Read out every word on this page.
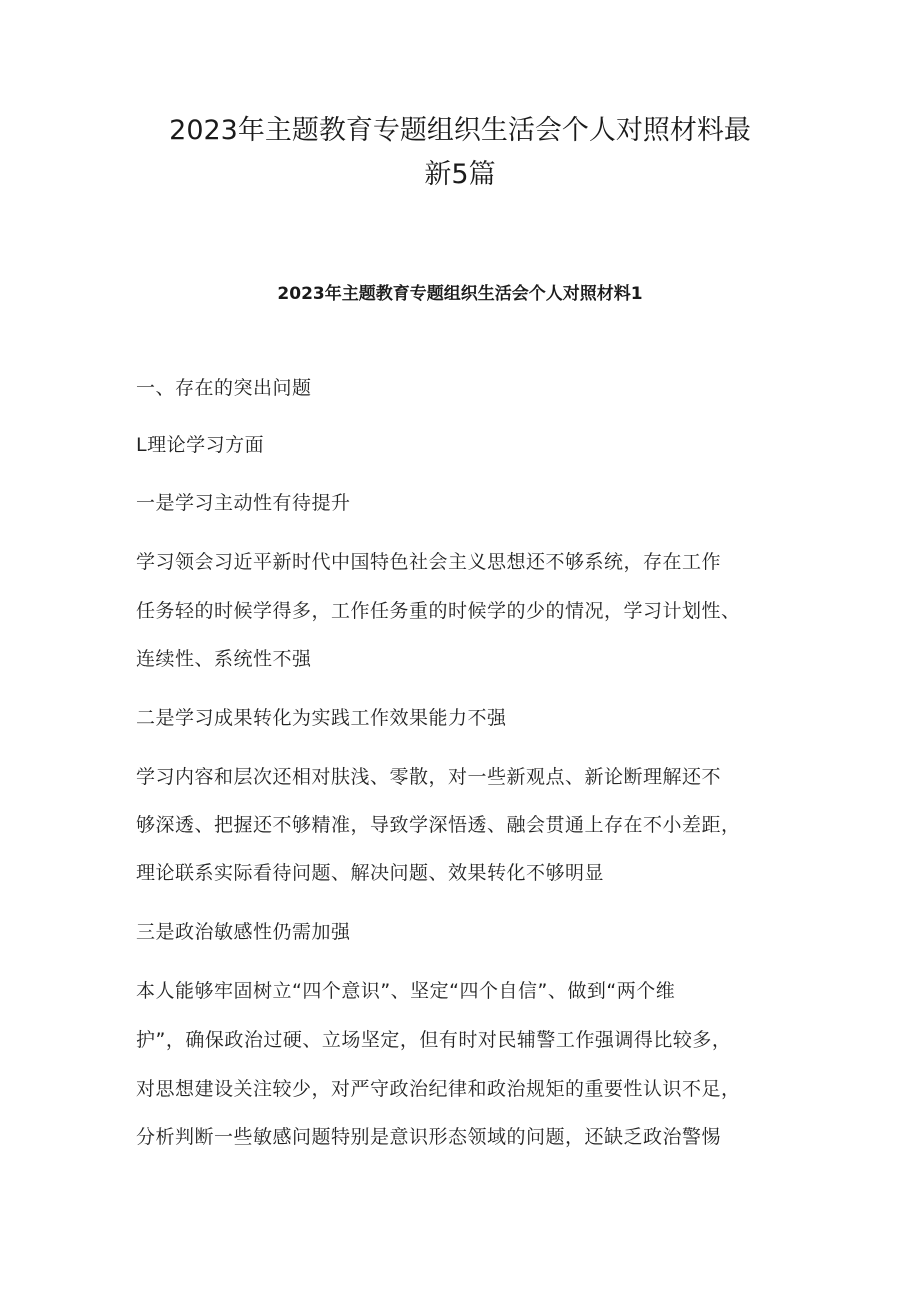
2023年主题教育专题组织生活会个人对照材料最
新5篇
2023年主题教育专题组织生活会个人对照材料1

一、存在的突出问题

L理论学习方面

一是学习主动性有待提升

学习领会习近平新时代中国特色社会主义思想还不够系统，存在工作

任务轻的时候学得多，工作任务重的时候学的少的情况，学习计划性、

连续性、系统性不强

二是学习成果转化为实践工作效果能力不强

学习内容和层次还相对肤浅、零散，对一些新观点、新论断理解还不

够深透、把握还不够精准，导致学深悟透、融会贯通上存在不小差距，

理论联系实际看待问题、解决问题、效果转化不够明显

三是政治敏感性仍需加强

本人能够牢固树立“四个意识”、坚定“四个自信”、做到“两个维

护”，确保政治过硬、立场坚定，但有时对民辅警工作强调得比较多，

对思想建设关注较少，对严守政治纪律和政治规矩的重要性认识不足，

分析判断一些敏感问题特别是意识形态领域的问题，还缺乏政治警惕
